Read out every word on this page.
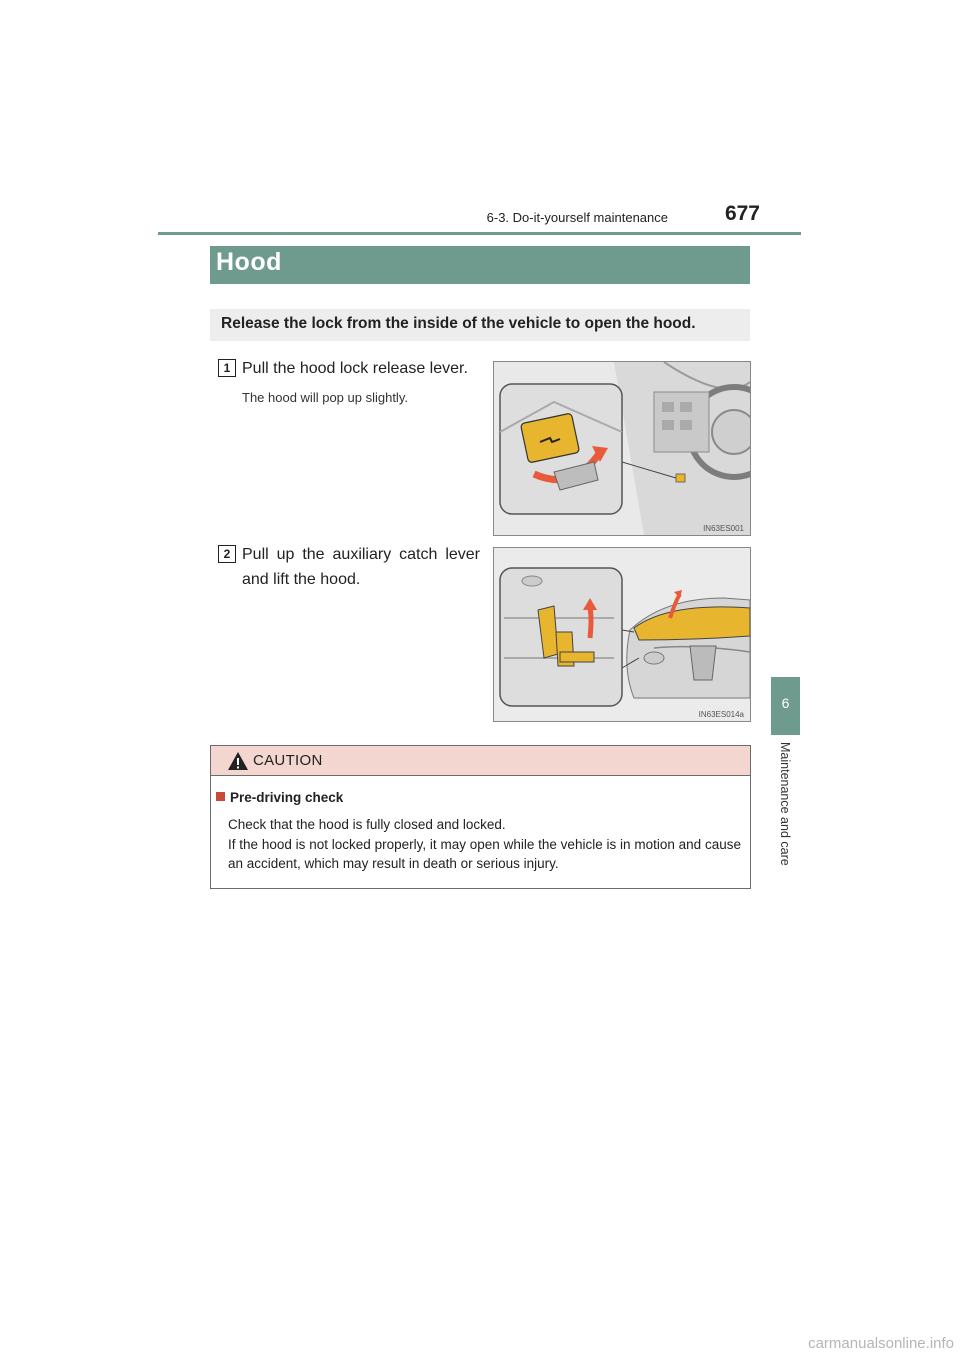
6-3. Do-it-yourself maintenance	677
6
Maintenance and care
Hood
Release the lock from the inside of the vehicle to open the hood.
1 Pull the hood lock release lever.
The hood will pop up slightly.
IN63ES001
2 Pull up the auxiliary catch lever and lift the hood.
IN63ES014a
CAUTION
Pre-driving check

Check that the hood is fully closed and locked.

If the hood is not locked properly, it may open while the vehicle is in motion and cause an accident, which may result in death or serious injury.

carmanualsonline.info
